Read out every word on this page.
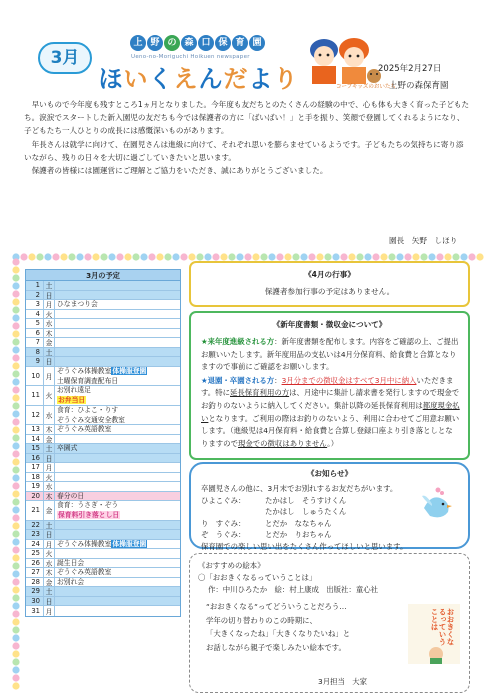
3月
上 野 の 森 口 保 育 園
Ueno-no-Moriguchi Hoikuen newspaper
ほ い く え ん だ よ り	コープキッズのおいたち
2025年2月27日
上野の森保育園

早いもので今年度も残すところ1ヵ月となりました。今年度も友だちとのたくさんの経験の中で、心も体も大きく育った子どもたち。涙涙でスタートした新入園児の友だちも今では保護者の方に「ばいばい！」と手を振り、笑顔で登園してくれるようになり、子どもたち一人ひとりの成長には感慨深いものがあります。

年長さんは就学に向けて、在園児さんは進級に向けて、それぞれ思いを膨らませているようです。子どもたちの気持ちに寄り添いながら、残りの日々を大切に過ごしていきたいと思います。

保護者の皆様には園運営にご理解とご協力をいただき、誠にありがとうございました。

園長　矢野　しほり
3月の予定
1 土
2 日
3 月 ひなまつり会
4 火
5 水
6 木
7 金
8 土
9 日
10 月
ぞうぐみ体操教室体操服登園
土曜保育調査配布日
11 火
お別れ遠足
お弁当日
12 水
食育：ひよこ・りす
ぞうぐみ交通安全教室
13 木 ぞうぐみ英語教室
14 金
15 土 卒園式
16 日
17 月
18 火
19 水
20 木 春分の日
21 金
食育：うさぎ・ぞう
保育料引き落とし日
22 土
23 日
24 月 ぞうぐみ体操教室体操服登園
25 火
26 水 誕生日会
27 木 ぞうぐみ英語教室
28 金 お別れ会
29 土
30 日
31 月
《4月の行事》
保護者参加行事の予定はありません。
《新年度書類・徴収金について》

★来年度進級される方：新年度書類を配布します。内容をご確認の上、ご提出お願いいたします。新年度用品の支払いは4月分保育料、給食費と合算となりますので事前にご確認をお願いします。

★退園・卒園される方：3月分までの徴収金はすべて3月中に納入いただきます。特に延長保育利用の方は、月途中に集計し請求書を発行しますので現金でお釣りのないように納入してください。集計以降の延長保育利用は都度現金払いとなります。ご利用の際はお釣りのないよう、利用に合わせてご用意お願いします。（進級児は4月保育料・給食費と合算し登録口座より引き落としとなりますので現金での徴収はありません。）

《お知らせ》
卒園児さんの他に、3月末でお別れするお友だちがいます。
ひよこぐみ：	たかはし　そうすけくん
たかはし　しゅうたくん
り　すぐみ：	とだか　ななちゃん
ぞ　うぐみ：	とだか　りおちゃん
保育園での楽しい思い出をたくさん作ってほしいと思います。
《おすすめの絵本》
〇「おおきくなるっていうことは」
作：中川ひろたか　絵：村上康成　出版社：童心社
“おおきくなる“ってどういうことだろう…
学年の切り替わりのこの時期に、
「大きくなったね」「大きくなりたいね」と
お話しながら親子で楽しみたい絵本です。
3月担当　大家
おおきくなるっていうことは
